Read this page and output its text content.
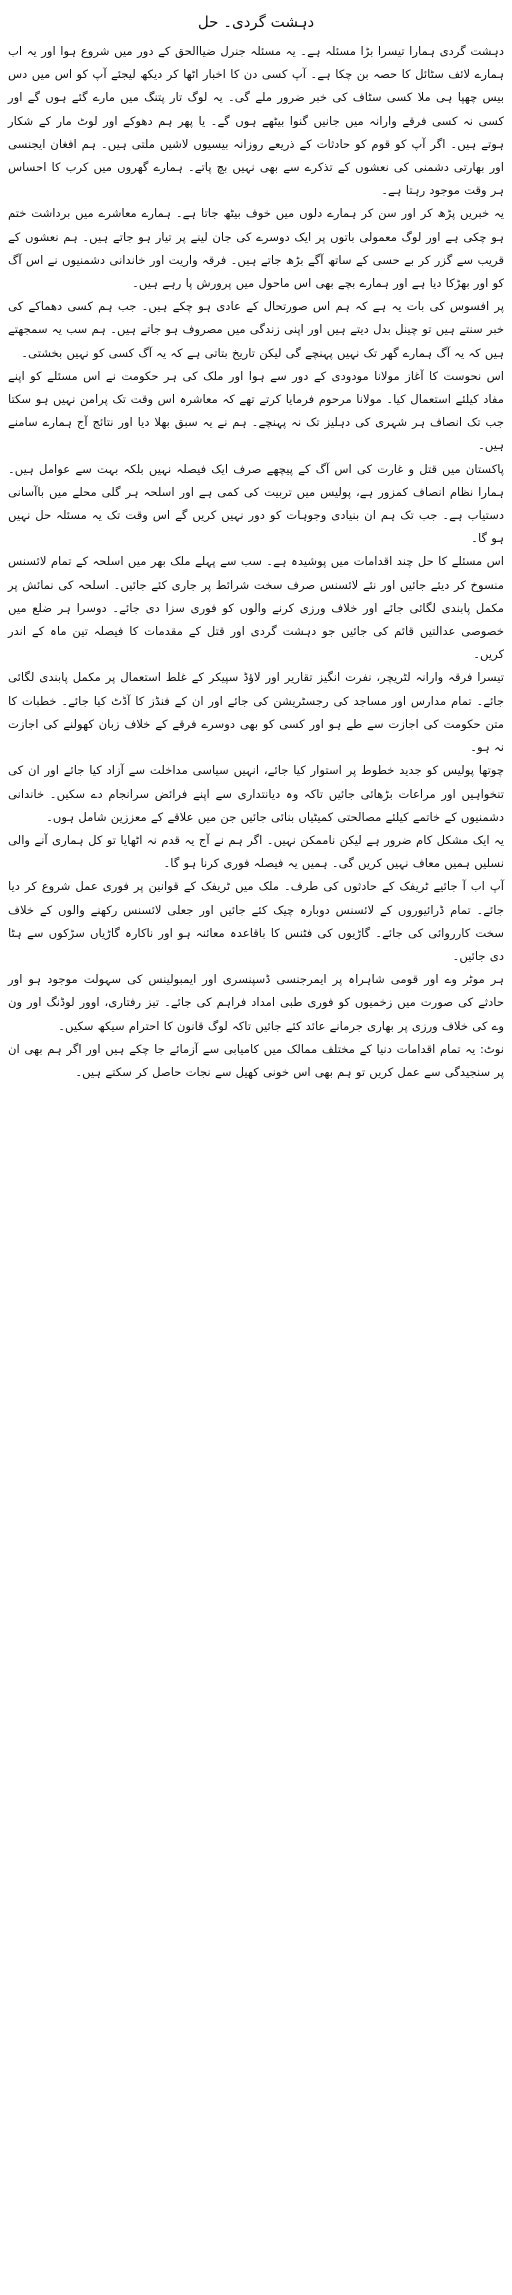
دہشت گردی۔ حل

دہشت گردی ہمارا تیسرا بڑا مسئلہ ہے۔ یہ مسئلہ جنرل ضیاالحق کے دور میں شروع ہوا اور یہ اب ہمارے لائف سٹائل کا حصہ بن چکا ہے۔ آپ کسی دن کا اخبار اٹھا کر دیکھ لیجئے آپ کو اس میں دس بیس چھپا ہی ملا کسی سٹاف کی خبر ضرور ملے گی۔ یہ لوگ تار پتنگ میں مارے گئے ہوں گے اور کسی نہ کسی فرقے وارانہ میں جانیں گنوا بیٹھے ہوں گے۔ یا پھر ہم دھوکے اور لوٹ مار کے شکار ہوتے ہیں۔ اگر آپ کو قوم کو حادثات کے ذریعے روزانہ بیسیوں لاشیں ملتی ہیں۔ ہم افغان ایجنسی اور بھارتی دشمنی کی نعشوں کے تذکرے سے بھی نہیں بچ پاتے۔ ہمارے گھروں میں کرب کا احساس ہر وقت موجود رہتا ہے۔

یہ خبریں پڑھ کر اور سن کر ہمارے دلوں میں خوف بیٹھ جاتا ہے۔ ہمارے معاشرے میں برداشت ختم ہو چکی ہے اور لوگ معمولی باتوں پر ایک دوسرے کی جان لینے پر تیار ہو جاتے ہیں۔ ہم نعشوں کے قریب سے گزر کر بے حسی کے ساتھ آگے بڑھ جاتے ہیں۔ فرقہ واریت اور خاندانی دشمنیوں نے اس آگ کو اور بھڑکا دیا ہے اور ہمارے بچے بھی اس ماحول میں پرورش پا رہے ہیں۔

پر افسوس کی بات یہ ہے کہ ہم اس صورتحال کے عادی ہو چکے ہیں۔ جب ہم کسی دھماکے کی خبر سنتے ہیں تو چینل بدل دیتے ہیں اور اپنی زندگی میں مصروف ہو جاتے ہیں۔ ہم سب یہ سمجھتے ہیں کہ یہ آگ ہمارے گھر تک نہیں پہنچے گی لیکن تاریخ بتاتی ہے کہ یہ آگ کسی کو نہیں بخشتی۔

اس نحوست کا آغاز مولانا مودودی کے دور سے ہوا اور ملک کی ہر حکومت نے اس مسئلے کو اپنے مفاد کیلئے استعمال کیا۔ مولانا مرحوم فرمایا کرتے تھے کہ معاشرہ اس وقت تک پرامن نہیں ہو سکتا جب تک انصاف ہر شہری کی دہلیز تک نہ پہنچے۔ ہم نے یہ سبق بھلا دیا اور نتائج آج ہمارے سامنے ہیں۔

پاکستان میں قتل و غارت کی اس آگ کے پیچھے صرف ایک فیصلہ نہیں بلکہ بہت سے عوامل ہیں۔ ہمارا نظام انصاف کمزور ہے، پولیس میں تربیت کی کمی ہے اور اسلحہ ہر گلی محلے میں باآسانی دستیاب ہے۔ جب تک ہم ان بنیادی وجوہات کو دور نہیں کریں گے اس وقت تک یہ مسئلہ حل نہیں ہو گا۔

اس مسئلے کا حل چند اقدامات میں پوشیدہ ہے۔ سب سے پہلے ملک بھر میں اسلحہ کے تمام لائسنس منسوخ کر دیئے جائیں اور نئے لائسنس صرف سخت شرائط پر جاری کئے جائیں۔ اسلحہ کی نمائش پر مکمل پابندی لگائی جائے اور خلاف ورزی کرنے والوں کو فوری سزا دی جائے۔ دوسرا ہر ضلع میں خصوصی عدالتیں قائم کی جائیں جو دہشت گردی اور قتل کے مقدمات کا فیصلہ تین ماہ کے اندر کریں۔

تیسرا فرقہ وارانہ لٹریچر، نفرت انگیز تقاریر اور لاؤڈ سپیکر کے غلط استعمال پر مکمل پابندی لگائی جائے۔ تمام مدارس اور مساجد کی رجسٹریشن کی جائے اور ان کے فنڈز کا آڈٹ کیا جائے۔ خطبات کا متن حکومت کی اجازت سے طے ہو اور کسی کو بھی دوسرے فرقے کے خلاف زبان کھولنے کی اجازت نہ ہو۔

چوتھا پولیس کو جدید خطوط پر استوار کیا جائے، انہیں سیاسی مداخلت سے آزاد کیا جائے اور ان کی تنخواہیں اور مراعات بڑھائی جائیں تاکہ وہ دیانتداری سے اپنے فرائض سرانجام دے سکیں۔ خاندانی دشمنیوں کے خاتمے کیلئے مصالحتی کمیٹیاں بنائی جائیں جن میں علاقے کے معززین شامل ہوں۔

یہ ایک مشکل کام ضرور ہے لیکن ناممکن نہیں۔ اگر ہم نے آج یہ قدم نہ اٹھایا تو کل ہماری آنے والی نسلیں ہمیں معاف نہیں کریں گی۔ ہمیں یہ فیصلہ فوری کرنا ہو گا۔

آپ اب آ جائیے ٹریفک کے حادثوں کی طرف۔ ملک میں ٹریفک کے قوانین پر فوری عمل شروع کر دیا جائے۔ تمام ڈرائیوروں کے لائسنس دوبارہ چیک کئے جائیں اور جعلی لائسنس رکھنے والوں کے خلاف سخت کارروائی کی جائے۔ گاڑیوں کی فٹنس کا باقاعدہ معائنہ ہو اور ناکارہ گاڑیاں سڑکوں سے ہٹا دی جائیں۔

ہر موٹر وے اور قومی شاہراہ پر ایمرجنسی ڈسپنسری اور ایمبولینس کی سہولت موجود ہو اور حادثے کی صورت میں زخمیوں کو فوری طبی امداد فراہم کی جائے۔ تیز رفتاری، اوور لوڈنگ اور ون وے کی خلاف ورزی پر بھاری جرمانے عائد کئے جائیں تاکہ لوگ قانون کا احترام سیکھ سکیں۔

نوٹ: یہ تمام اقدامات دنیا کے مختلف ممالک میں کامیابی سے آزمائے جا چکے ہیں اور اگر ہم بھی ان پر سنجیدگی سے عمل کریں تو ہم بھی اس خونی کھیل سے نجات حاصل کر سکتے ہیں۔
